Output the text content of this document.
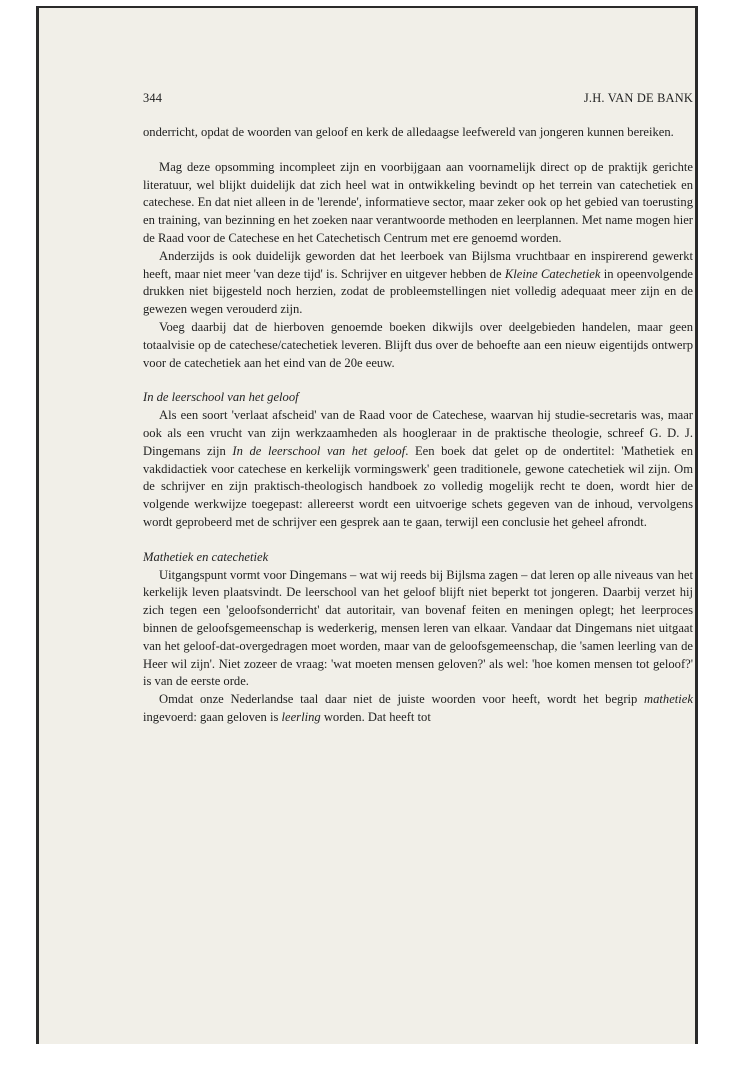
344	J.H. VAN DE BANK

onderricht, opdat de woorden van geloof en kerk de alledaagse leefwereld van jongeren kunnen bereiken.

Mag deze opsomming incompleet zijn en voorbijgaan aan voornamelijk direct op de praktijk gerichte literatuur, wel blijkt duidelijk dat zich heel wat in ontwikkeling bevindt op het terrein van catechetiek en catechese. En dat niet alleen in de 'lerende', informatieve sector, maar zeker ook op het gebied van toerusting en training, van bezinning en het zoeken naar verantwoorde methoden en leerplannen. Met name mogen hier de Raad voor de Catechese en het Catechetisch Centrum met ere genoemd worden.

Anderzijds is ook duidelijk geworden dat het leerboek van Bijlsma vruchtbaar en inspirerend gewerkt heeft, maar niet meer 'van deze tijd' is. Schrijver en uitgever hebben de Kleine Catechetiek in opeenvolgende drukken niet bijgesteld noch herzien, zodat de probleemstellingen niet volledig adequaat meer zijn en de gewezen wegen verouderd zijn.

Voeg daarbij dat de hierboven genoemde boeken dikwijls over deelgebieden handelen, maar geen totaalvisie op de catechese/catechetiek leveren. Blijft dus over de behoefte aan een nieuw eigentijds ontwerp voor de catechetiek aan het eind van de 20e eeuw.

In de leerschool van het geloof

Als een soort 'verlaat afscheid' van de Raad voor de Catechese, waarvan hij studie-secretaris was, maar ook als een vrucht van zijn werkzaamheden als hoogleraar in de praktische theologie, schreef G. D. J. Dingemans zijn In de leerschool van het geloof. Een boek dat gelet op de ondertitel: 'Mathetiek en vakdidactiek voor catechese en kerkelijk vormingswerk' geen traditionele, gewone catechetiek wil zijn. Om de schrijver en zijn praktisch-theologisch handboek zo volledig mogelijk recht te doen, wordt hier de volgende werkwijze toegepast: allereerst wordt een uitvoerige schets gegeven van de inhoud, vervolgens wordt geprobeerd met de schrijver een gesprek aan te gaan, terwijl een conclusie het geheel afrondt.

Mathetiek en catechetiek

Uitgangspunt vormt voor Dingemans – wat wij reeds bij Bijlsma zagen – dat leren op alle niveaus van het kerkelijk leven plaatsvindt. De leerschool van het geloof blijft niet beperkt tot jongeren. Daarbij verzet hij zich tegen een 'geloofsonderricht' dat autoritair, van bovenaf feiten en meningen oplegt; het leerproces binnen de geloofsgemeenschap is wederkerig, mensen leren van elkaar. Vandaar dat Dingemans niet uitgaat van het geloof-dat-overgedragen moet worden, maar van de geloofsgemeenschap, die 'samen leerling van de Heer wil zijn'. Niet zozeer de vraag: 'wat moeten mensen geloven?' als wel: 'hoe komen mensen tot geloof?' is van de eerste orde.

Omdat onze Nederlandse taal daar niet de juiste woorden voor heeft, wordt het begrip mathetiek ingevoerd: gaan geloven is leerling worden. Dat heeft tot
